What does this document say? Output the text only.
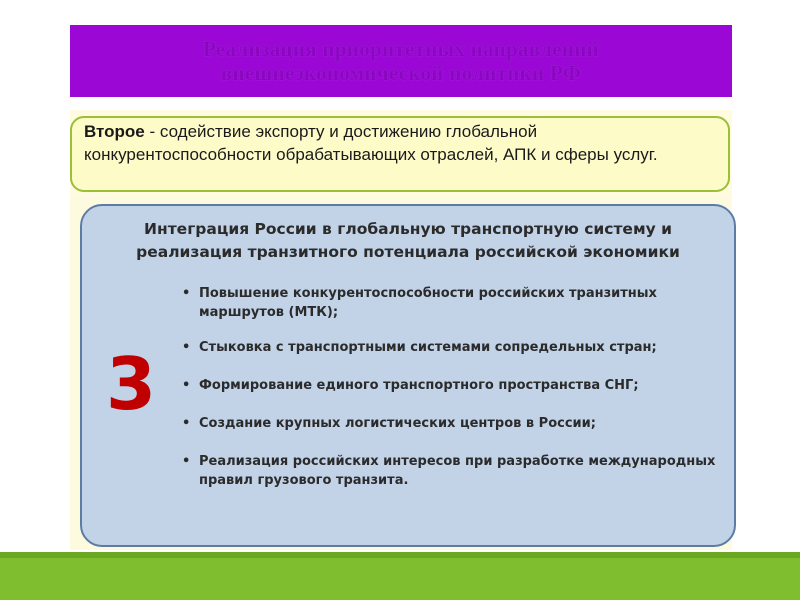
Реализация приоритетных направлений
внешнеэкономической политики РФ
Второе - содействие экспорту и достижению глобальной конкурентоспособности обрабатывающих отраслей, АПК и сферы услуг.
Интеграция России в глобальную транспортную систему и
реализация транзитного потенциала российской экономики
3
• Повышение конкурентоспособности российских транзитных маршрутов (МТК);
• Стыковка с транспортными системами сопредельных стран;
• Формирование единого транспортного пространства СНГ;
• Создание крупных логистических центров в России;
• Реализация российских интересов при разработке международных правил грузового транзита.
